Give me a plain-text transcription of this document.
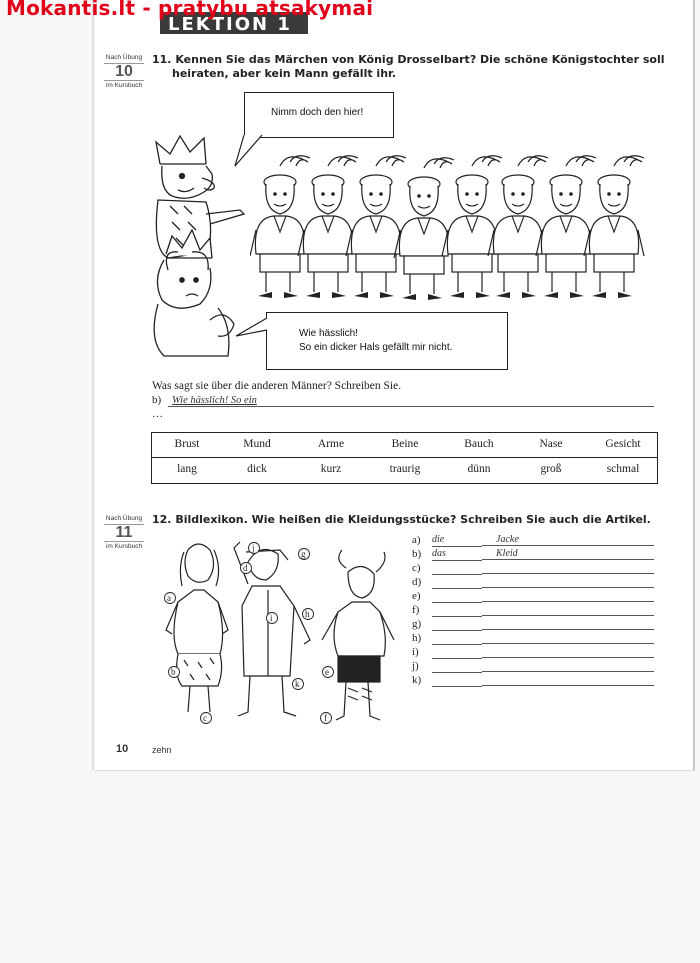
Mokantis.lt - pratybu atsakymai
LEKTION 1
Nach Übung
10
im Kursbuch
11. Kennen Sie das Märchen von König Drosselbart? Die schöne Königstochter soll
heiraten, aber kein Mann gefällt ihr.
Nimm doch den hier!
Wie hässlich!
So ein dicker Hals gefällt mir nicht.
Was sagt sie über die anderen Männer? Schreiben Sie.
b) Wie hässlich! So ein
…
Brust	Mund	Arme	Beine	Bauch	Nase	Gesicht
lang	dick	kurz	traurig	dünn	groß	schmal
Nach Übung
11
im Kursbuch
12. Bildlexikon. Wie heißen die Kleidungsstücke? Schreiben Sie auch die Artikel.
a
b
c
d
e
f
g
h
i
j
k
a)	die	Jacke
b)	das	Kleid
c)
d)
e)
f)
g)
h)
i)
j)
k)
10	zehn
